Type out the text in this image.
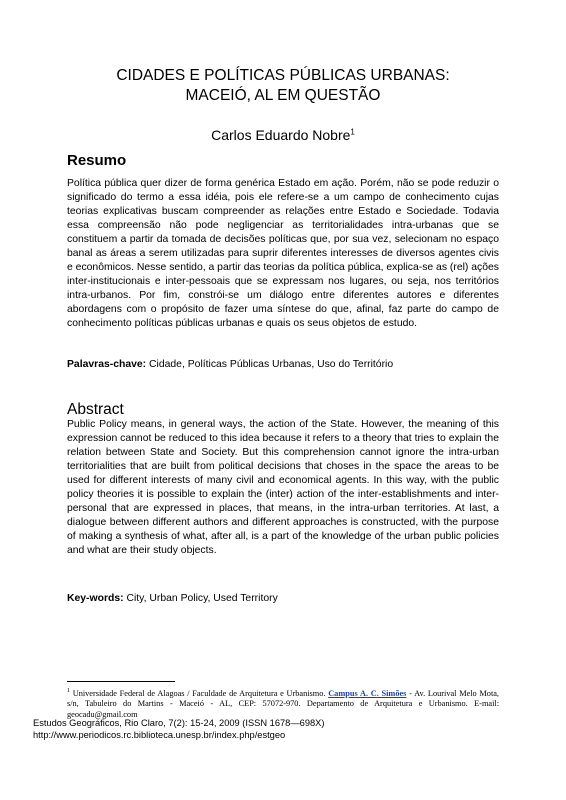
CIDADES E POLÍTICAS PÚBLICAS URBANAS:
MACEIÓ, AL EM QUESTÃO
Carlos Eduardo Nobre$^1$
Resumo

Política pública quer dizer de forma genérica Estado em ação. Porém, não se pode reduzir o significado do termo a essa idéia, pois ele refere-se a um campo de conhecimento cujas teorias explicativas buscam compreender as relações entre Estado e Sociedade. Todavia essa compreensão não pode negligenciar as territorialidades intra-urbanas que se constituem a partir da tomada de decisões políticas que, por sua vez, selecionam no espaço banal as áreas a serem utilizadas para suprir diferentes interesses de diversos agentes civis e econômicos. Nesse sentido, a partir das teorias da política pública, explica-se as (rel) ações inter-institucionais e inter-pessoais que se expressam nos lugares, ou seja, nos territórios intra-urbanos. Por fim, constrói-se um diálogo entre diferentes autores e diferentes abordagens com o propósito de fazer uma síntese do que, afinal, faz parte do campo de conhecimento políticas públicas urbanas e quais os seus objetos de estudo.

Palavras-chave: Cidade, Políticas Públicas Urbanas, Uso do Território
Abstract

Public Policy means, in general ways, the action of the State. However, the meaning of this expression cannot be reduced to this idea because it refers to a theory that tries to explain the relation between State and Society. But this comprehension cannot ignore the intra-urban territorialities that are built from political decisions that choses in the space the areas to be used for different interests of many civil and economical agents. In this way, with the public policy theories it is possible to explain the (inter) action of the inter-establishments and inter-personal that are expressed in places, that means, in the intra-urban territories. At last, a dialogue between different authors and different approaches is constructed, with the purpose of making a synthesis of what, after all, is a part of the knowledge of the urban public policies and what are their study objects.

Key-words: City, Urban Policy, Used Territory

$^1$ Universidade Federal de Alagoas / Faculdade de Arquitetura e Urbanismo. Campus A. C. Simões - Av. Lourival Melo Mota, s/n, Tabuleiro do Martins - Maceió - AL, CEP: 57072-970. Departamento de Arquitetura e Urbanismo. E-mail: geocadu@gmail.com

Estudos Geográficos, Rio Claro, 7(2): 15-24, 2009 (ISSN 1678—698X)
http://www.periodicos.rc.biblioteca.unesp.br/index.php/estgeo
